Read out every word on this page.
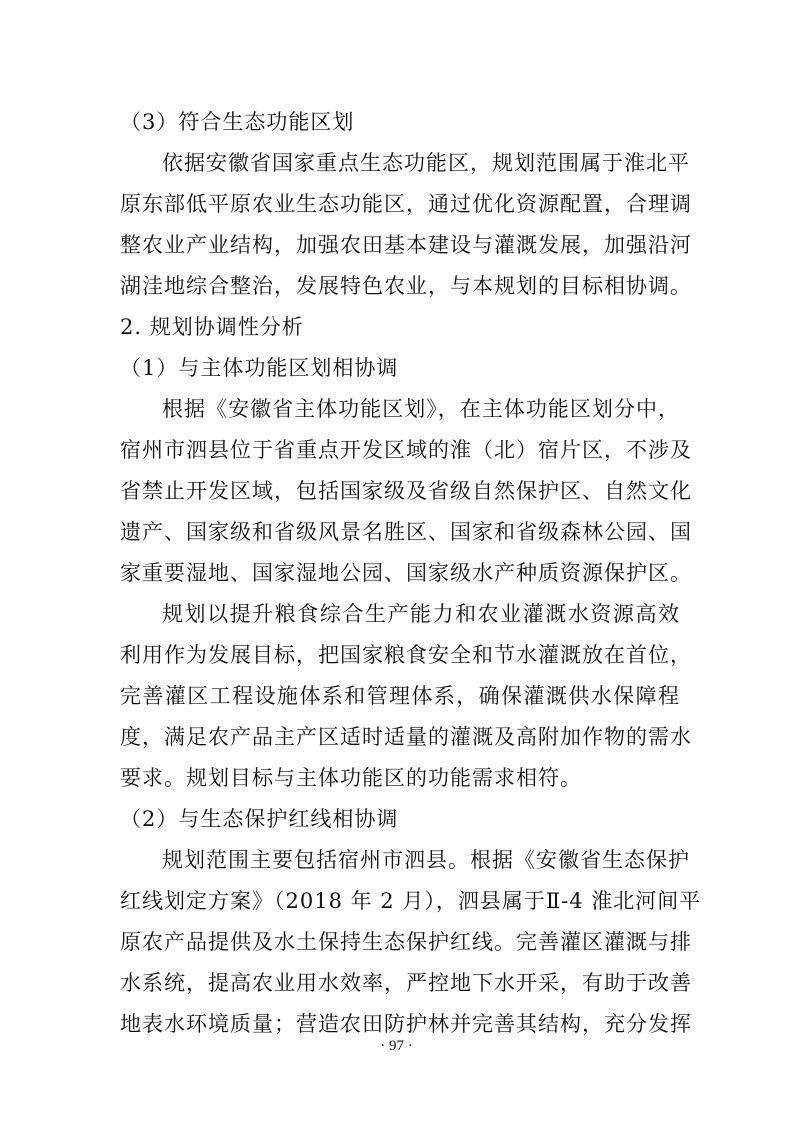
（3）符合生态功能区划
依据安徽省国家重点生态功能区，规划范围属于淮北平
原东部低平原农业生态功能区，通过优化资源配置，合理调
整农业产业结构，加强农田基本建设与灌溉发展，加强沿河
湖洼地综合整治，发展特色农业，与本规划的目标相协调。
2. 规划协调性分析
（1）与主体功能区划相协调
根据《安徽省主体功能区划》，在主体功能区划分中，
宿州市泗县位于省重点开发区域的淮（北）宿片区，不涉及
省禁止开发区域，包括国家级及省级自然保护区、自然文化
遗产、国家级和省级风景名胜区、国家和省级森林公园、国
家重要湿地、国家湿地公园、国家级水产种质资源保护区。
规划以提升粮食综合生产能力和农业灌溉水资源高效
利用作为发展目标，把国家粮食安全和节水灌溉放在首位，
完善灌区工程设施体系和管理体系，确保灌溉供水保障程
度，满足农产品主产区适时适量的灌溉及高附加作物的需水
要求。规划目标与主体功能区的功能需求相符。
（2）与生态保护红线相协调
规划范围主要包括宿州市泗县。根据《安徽省生态保护
红线划定方案》（2018 年 2 月），泗县属于Ⅱ-4 淮北河间平
原农产品提供及水土保持生态保护红线。完善灌区灌溉与排
水系统，提高农业用水效率，严控地下水开采，有助于改善
地表水环境质量；营造农田防护林并完善其结构，充分发挥
· 97 ·
